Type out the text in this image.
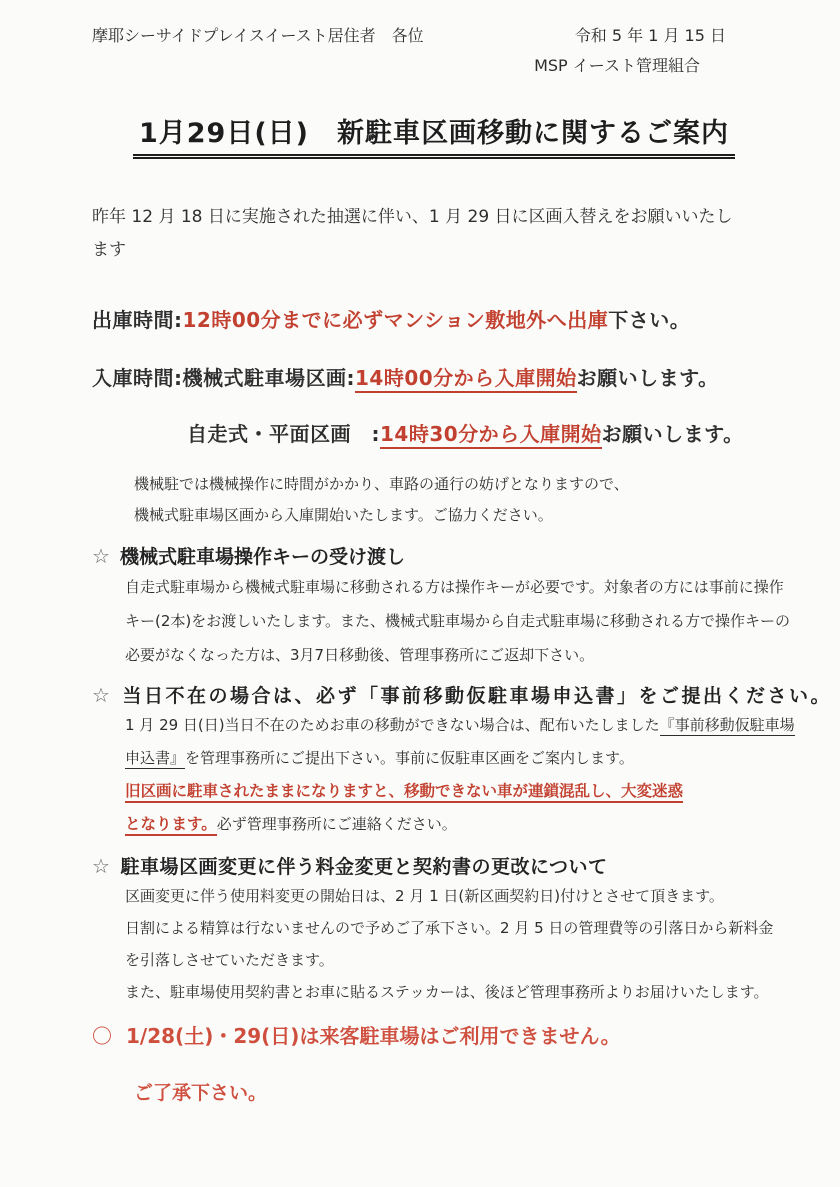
摩耶シーサイドプレイスイースト居住者　各位	令和 5 年 1 月 15 日
MSP イースト管理組合
1月29日(日)　新駐車区画移動に関するご案内
昨年 12 月 18 日に実施された抽選に伴い、1 月 29 日に区画入替えをお願いいたし
ます
出庫時間:12時00分までに必ずマンション敷地外へ出庫下さい。
入庫時間:機械式駐車場区画:14時00分から入庫開始お願いします。
自走式・平面区画　:14時30分から入庫開始お願いします。
機械駐では機械操作に時間がかかり、車路の通行の妨げとなりますので、
機械式駐車場区画から入庫開始いたします。ご協力ください。
☆ 機械式駐車場操作キーの受け渡し
自走式駐車場から機械式駐車場に移動される方は操作キーが必要です。対象者の方には事前に操作
キー(2本)をお渡しいたします。また、機械式駐車場から自走式駐車場に移動される方で操作キーの
必要がなくなった方は、3月7日移動後、管理事務所にご返却下さい。
☆ 当日不在の場合は、必ず「事前移動仮駐車場申込書」をご提出ください。
1 月 29 日(日)当日不在のためお車の移動ができない場合は、配布いたしました『事前移動仮駐車場
申込書』を管理事務所にご提出下さい。事前に仮駐車区画をご案内します。
旧区画に駐車されたままになりますと、移動できない車が連鎖混乱し、大変迷惑
となります。必ず管理事務所にご連絡ください。
☆ 駐車場区画変更に伴う料金変更と契約書の更改について
区画変更に伴う使用料変更の開始日は、2 月 1 日(新区画契約日)付けとさせて頂きます。
日割による精算は行ないませんので予めご了承下さい。2 月 5 日の管理費等の引落日から新料金
を引落しさせていただきます。
また、駐車場使用契約書とお車に貼るステッカーは、後ほど管理事務所よりお届けいたします。
〇 1/28(土)・29(日)は来客駐車場はご利用できません。
ご了承下さい。
